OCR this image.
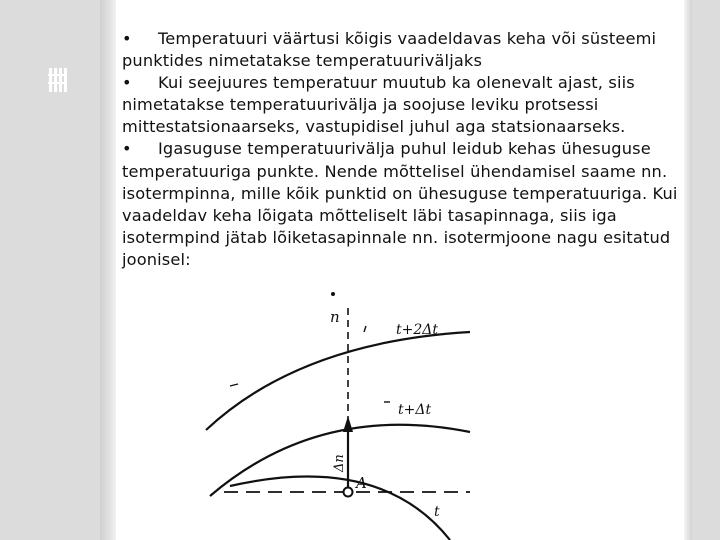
• Temperatuuri väärtusi kõigis vaadeldavas keha või süsteemi punktides nimetatakse temperatuuriväljaks

• Kui seejuures temperatuur muutub ka olenevalt ajast, siis nimetatakse temperatuurivälja ja soojuse leviku protsessi mittestatsionaarseks, vastupidisel juhul aga statsionaarseks.

• Igasuguse temperatuurivälja puhul leidub kehas ühesuguse temperatuuriga punkte. Nende mõttelisel ühendamisel saame nn. isotermpinna, mille kõik punktid on ühesuguse temperatuuriga. Kui vaadeldav keha lõigata mõtteliselt läbi tasapinnaga, siis iga isotermpind jätab lõiketasapinnale nn. isotermjoone nagu esitatud joonisel:

n
t+2Δt
t+Δt
t
A
Δn
